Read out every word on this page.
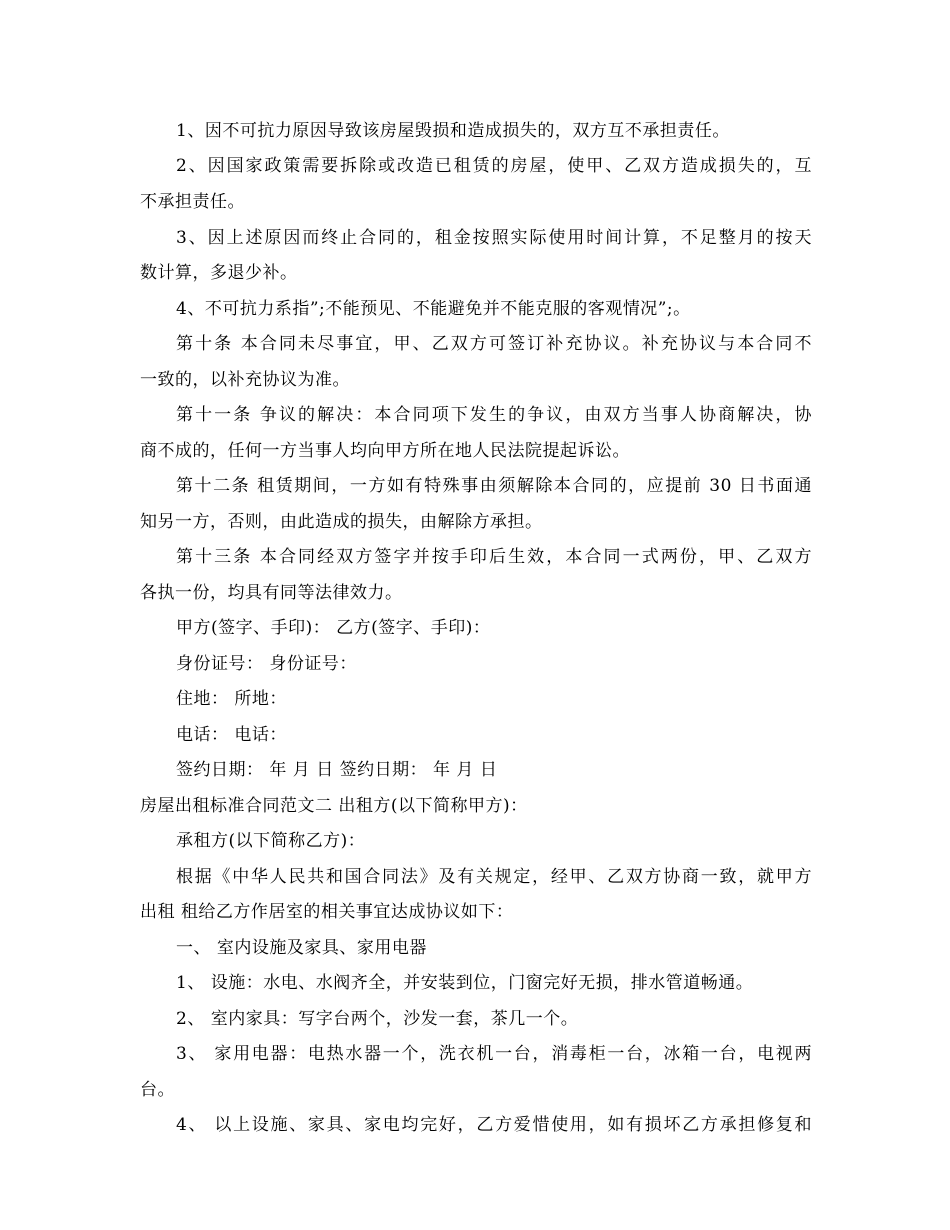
1、因不可抗力原因导致该房屋毁损和造成损失的，双方互不承担责任。
2、因国家政策需要拆除或改造已租赁的房屋，使甲、乙双方造成损失的，互
不承担责任。
3、因上述原因而终止合同的，租金按照实际使用时间计算，不足整月的按天
数计算，多退少补。
4、不可抗力系指”;不能预见、不能避免并不能克服的客观情况”;。
第十条 本合同未尽事宜，甲、乙双方可签订补充协议。补充协议与本合同不
一致的，以补充协议为准。
第十一条 争议的解决：本合同项下发生的争议，由双方当事人协商解决，协
商不成的，任何一方当事人均向甲方所在地人民法院提起诉讼。
第十二条 租赁期间，一方如有特殊事由须解除本合同的，应提前 30 日书面通
知另一方，否则，由此造成的损失，由解除方承担。
第十三条 本合同经双方签字并按手印后生效，本合同一式两份，甲、乙双方
各执一份，均具有同等法律效力。
甲方(签字、手印)： 乙方(签字、手印)：
身份证号： 身份证号：
住地： 所地：
电话： 电话：
签约日期： 年 月 日 签约日期： 年 月 日
房屋出租标准合同范文二 出租方(以下简称甲方)：
承租方(以下简称乙方)：
根据《中华人民共和国合同法》及有关规定，经甲、乙双方协商一致，就甲方
出租 租给乙方作居室的相关事宜达成协议如下：
一、 室内设施及家具、家用电器
1、 设施：水电、水阀齐全，并安装到位，门窗完好无损，排水管道畅通。
2、 室内家具：写字台两个，沙发一套，茶几一个。
3、 家用电器：电热水器一个，洗衣机一台，消毒柜一台，冰箱一台，电视两
台。
4、 以上设施、家具、家电均完好，乙方爱惜使用，如有损坏乙方承担修复和
